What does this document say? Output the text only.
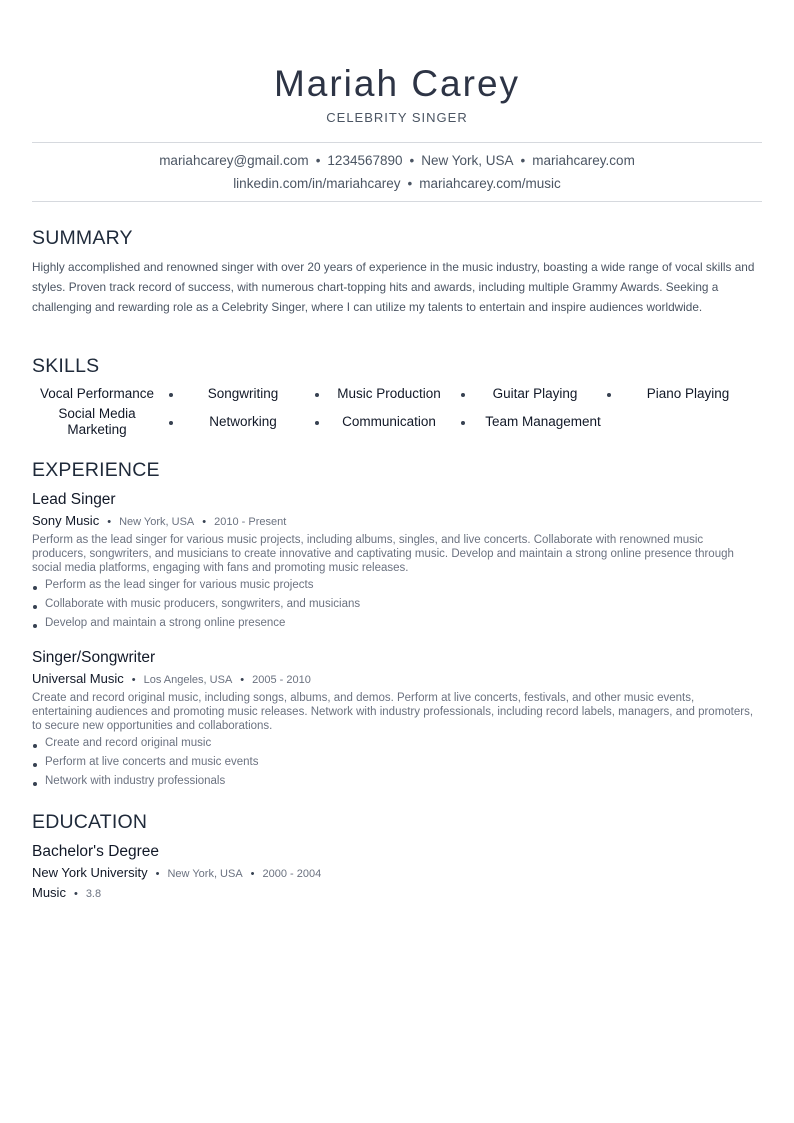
Mariah Carey
CELEBRITY SINGER
mariahcarey@gmail.com • 1234567890 • New York, USA • mariahcarey.com
linkedin.com/in/mariahcarey • mariahcarey.com/music
SUMMARY
Highly accomplished and renowned singer with over 20 years of experience in the music industry, boasting a wide range of vocal skills and styles. Proven track record of success, with numerous chart-topping hits and awards, including multiple Grammy Awards. Seeking a challenging and rewarding role as a Celebrity Singer, where I can utilize my talents to entertain and inspire audiences worldwide.
SKILLS
Vocal Performance	Songwriting	Music Production	Guitar Playing	Piano Playing
Social Media Marketing
Networking	Communication	Team Management
EXPERIENCE
Lead Singer
Sony Music • New York, USA • 2010 - Present
Perform as the lead singer for various music projects, including albums, singles, and live concerts. Collaborate with renowned music producers, songwriters, and musicians to create innovative and captivating music. Develop and maintain a strong online presence through social media platforms, engaging with fans and promoting music releases.
Perform as the lead singer for various music projects
Collaborate with music producers, songwriters, and musicians
Develop and maintain a strong online presence
Singer/Songwriter
Universal Music • Los Angeles, USA • 2005 - 2010
Create and record original music, including songs, albums, and demos. Perform at live concerts, festivals, and other music events, entertaining audiences and promoting music releases. Network with industry professionals, including record labels, managers, and promoters, to secure new opportunities and collaborations.
Create and record original music
Perform at live concerts and music events
Network with industry professionals
EDUCATION
Bachelor's Degree
New York University • New York, USA • 2000 - 2004
Music • 3.8
